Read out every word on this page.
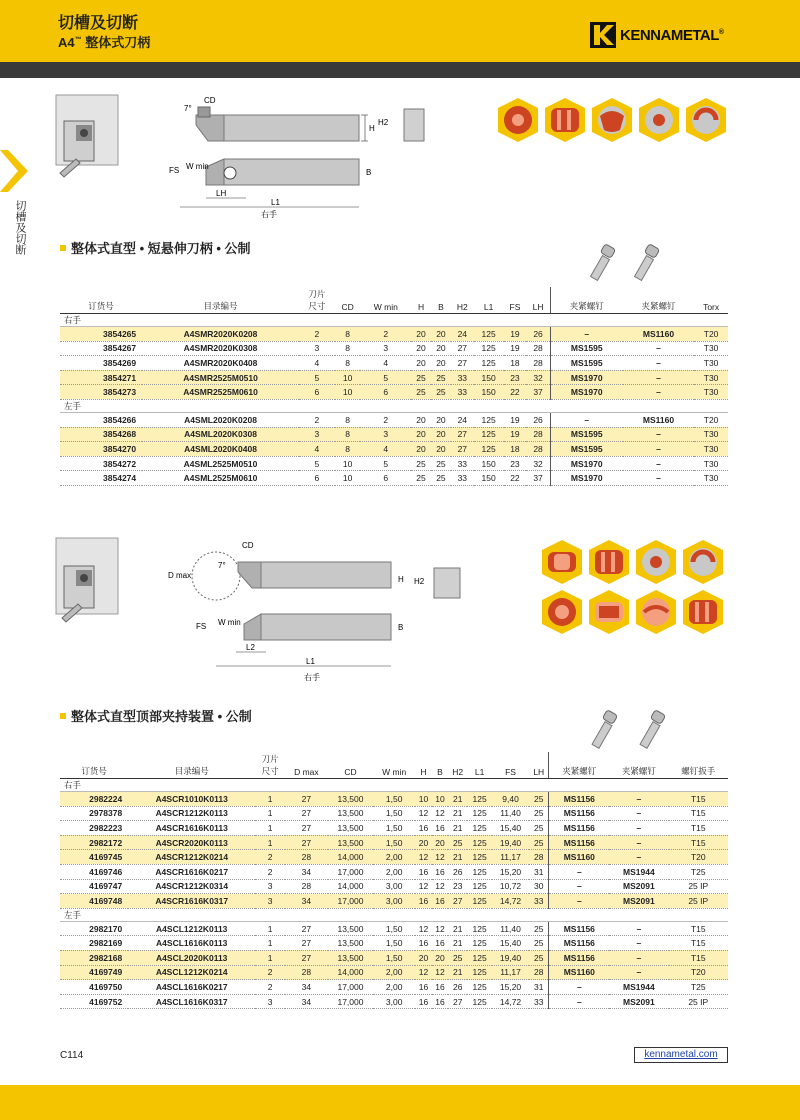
切槽及切断
A4™ 整体式刀柄	KENNAMETAL®
切槽及切断
CD
7°
H
H2
FS W min
B
LH
L1
右手
整体式直型 • 短悬伸刀柄 • 公制
订货号	目录编号	刀片
尺寸	CD	W min	H	B	H2	L1	FS	LH	夹紧螺钉	夹紧螺钉	Torx
右手													
3854265	A4SMR2020K0208	2	8	2	20	20	24	125	19	26	–	MS1160	T20
3854267	A4SMR2020K0308	3	8	3	20	20	27	125	19	28	MS1595	–	T30
3854269	A4SMR2020K0408	4	8	4	20	20	27	125	18	28	MS1595	–	T30
3854271	A4SMR2525M0510	5	10	5	25	25	33	150	23	32	MS1970	–	T30
3854273	A4SMR2525M0610	6	10	6	25	25	33	150	22	37	MS1970	–	T30
左手													
3854266	A4SML2020K0208	2	8	2	20	20	24	125	19	26	–	MS1160	T20
3854268	A4SML2020K0308	3	8	3	20	20	27	125	19	28	MS1595	–	T30
3854270	A4SML2020K0408	4	8	4	20	20	27	125	18	28	MS1595	–	T30
3854272	A4SML2525M0510	5	10	5	25	25	33	150	23	32	MS1970	–	T30
3854274	A4SML2525M0610	6	10	6	25	25	33	150	22	37	MS1970	–	T30
CD
7°
D max	H H2
FS W min
B
L2
L1
右手
整体式直型顶部夹持装置 • 公制
订货号	目录编号	刀片
尺寸	D max	CD	W min	H	B	H2	L1	FS	LH	夹紧螺钉	夹紧螺钉	螺钉扳手
右手														
2982224	A4SCR1010K0113	1	27	13,500	1,50	10	10	21	125	9,40	25	MS1156	–	T15
2978378	A4SCR1212K0113	1	27	13,500	1,50	12	12	21	125	11,40	25	MS1156	–	T15
2982223	A4SCR1616K0113	1	27	13,500	1,50	16	16	21	125	15,40	25	MS1156	–	T15
2982172	A4SCR2020K0113	1	27	13,500	1,50	20	20	25	125	19,40	25	MS1156	–	T15
4169745	A4SCR1212K0214	2	28	14,000	2,00	12	12	21	125	11,17	28	MS1160	–	T20
4169746	A4SCR1616K0217	2	34	17,000	2,00	16	16	26	125	15,20	31	–	MS1944	T25
4169747	A4SCR1212K0314	3	28	14,000	3,00	12	12	23	125	10,72	30	–	MS2091	25 IP
4169748	A4SCR1616K0317	3	34	17,000	3,00	16	16	27	125	14,72	33	–	MS2091	25 IP
左手														
2982170	A4SCL1212K0113	1	27	13,500	1,50	12	12	21	125	11,40	25	MS1156	–	T15
2982169	A4SCL1616K0113	1	27	13,500	1,50	16	16	21	125	15,40	25	MS1156	–	T15
2982168	A4SCL2020K0113	1	27	13,500	1,50	20	20	25	125	19,40	25	MS1156	–	T15
4169749	A4SCL1212K0214	2	28	14,000	2,00	12	12	21	125	11,17	28	MS1160	–	T20
4169750	A4SCL1616K0217	2	34	17,000	2,00	16	16	26	125	15,20	31	–	MS1944	T25
4169752	A4SCL1616K0317	3	34	17,000	3,00	16	16	27	125	14,72	33	–	MS2091	25 IP
C114	kennametal.com
